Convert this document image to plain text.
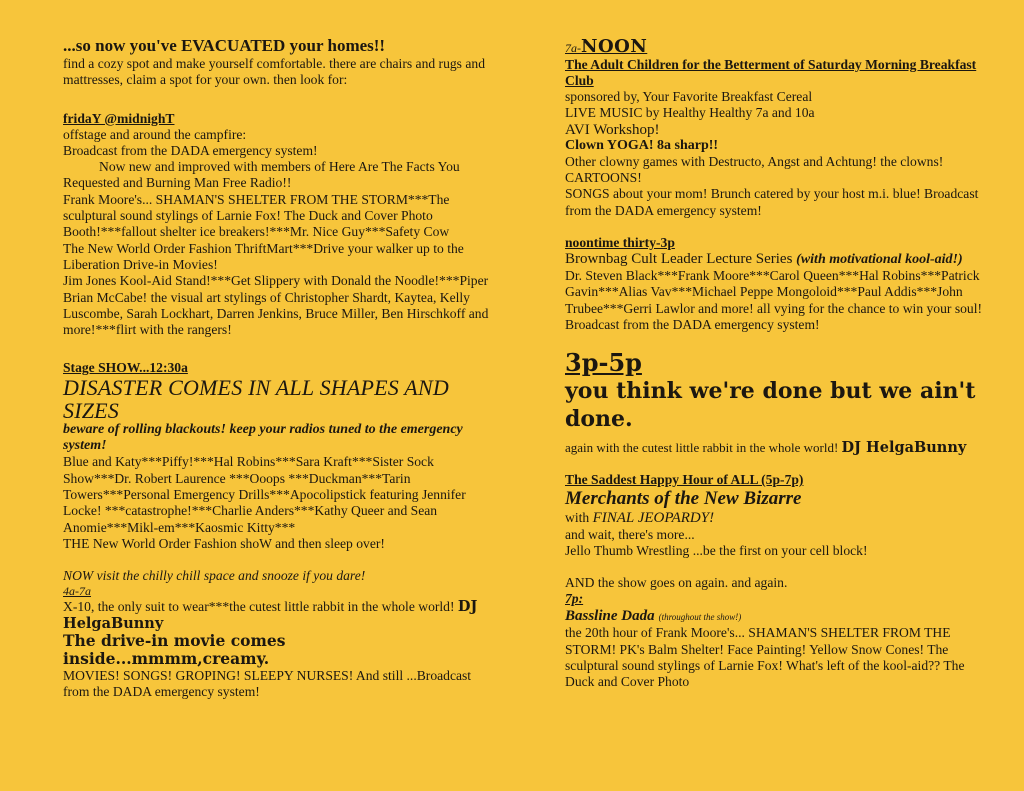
...so now you've EVACUATED your homes!!
find a cozy spot and make yourself comfortable. there are chairs and rugs and mattresses, claim a spot for your own. then look for:
fridaY @midnighT
offstage and around the campfire:
Broadcast from the DADA emergency system!
Now new and improved with members of Here Are The Facts You Requested and Burning Man Free Radio!!
Frank Moore's... SHAMAN'S SHELTER FROM THE STORM***The sculptural sound stylings of Larnie Fox! The Duck and Cover Photo Booth!***fallout shelter ice breakers!***Mr. Nice Guy***Safety Cow
The New World Order Fashion ThriftMart***Drive your walker up to the Liberation Drive-in Movies!
Jim Jones Kool-Aid Stand!***Get Slippery with Donald the Noodle!***Piper Brian McCabe! the visual art stylings of Christopher Shardt, Kaytea, Kelly Luscombe, Sarah Lockhart, Darren Jenkins, Bruce Miller, Ben Hirschkoff and more!***flirt with the rangers!
Stage SHOW...12:30a
DISASTER COMES IN ALL SHAPES AND SIZES
beware of rolling blackouts! keep your radios tuned to the emergency system!
Blue and Katy***Piffy!***Hal Robins***Sara Kraft***Sister Sock Show***Dr. Robert Laurence ***Ooops ***Duckman***Tarin Towers***Personal Emergency Drills***Apocolipstick featuring Jennifer Locke! ***catastrophe!***Charlie Anders***Kathy Queer and Sean Anomie***Mikl-em***Kaosmic Kitty***
THE New World Order Fashion shoW and then sleep over!
NOW visit the chilly chill space and snooze if you dare!
4a-7a
X-10, the only suit to wear***the cutest little rabbit in the whole world! DJ HelgaBunny
The drive-in movie comes inside...mmmm,creamy.
MOVIES! SONGS! GROPING! SLEEPY NURSES! And still ...Broadcast from the DADA emergency system!
7a-NOON
The Adult Children for the Betterment of Saturday Morning Breakfast Club
sponsored by, Your Favorite Breakfast Cereal
LIVE MUSIC by Healthy Healthy 7a and 10a
AVI Workshop!
Clown YOGA! 8a sharp!!
Other clowny games with Destructo, Angst and Achtung! the clowns! CARTOONS!
SONGS about your mom! Brunch catered by your host m.i. blue! Broadcast from the DADA emergency system!
noontime thirty-3p
Brownbag Cult Leader Lecture Series (with motivational kool-aid!)
Dr. Steven Black***Frank Moore***Carol Queen***Hal Robins***Patrick Gavin***Alias Vav***Michael Peppe Mongoloid***Paul Addis***John Trubee***Gerri Lawlor and more! all vying for the chance to win your soul!
Broadcast from the DADA emergency system!
3p-5p
you think we're done but we ain't done.
again with the cutest little rabbit in the whole world! DJ HelgaBunny
The Saddest Happy Hour of ALL (5p-7p)
Merchants of the New Bizarre
with FINAL JEOPARDY!
and wait, there's more...
Jello Thumb Wrestling ...be the first on your cell block!
AND the show goes on again. and again.
7p:
Bassline Dada (throughout the show!)
the 20th hour of Frank Moore's... SHAMAN'S SHELTER FROM THE STORM! PK's Balm Shelter! Face Painting! Yellow Snow Cones! The sculptural sound stylings of Larnie Fox! What's left of the kool-aid?? The Duck and Cover Photo
